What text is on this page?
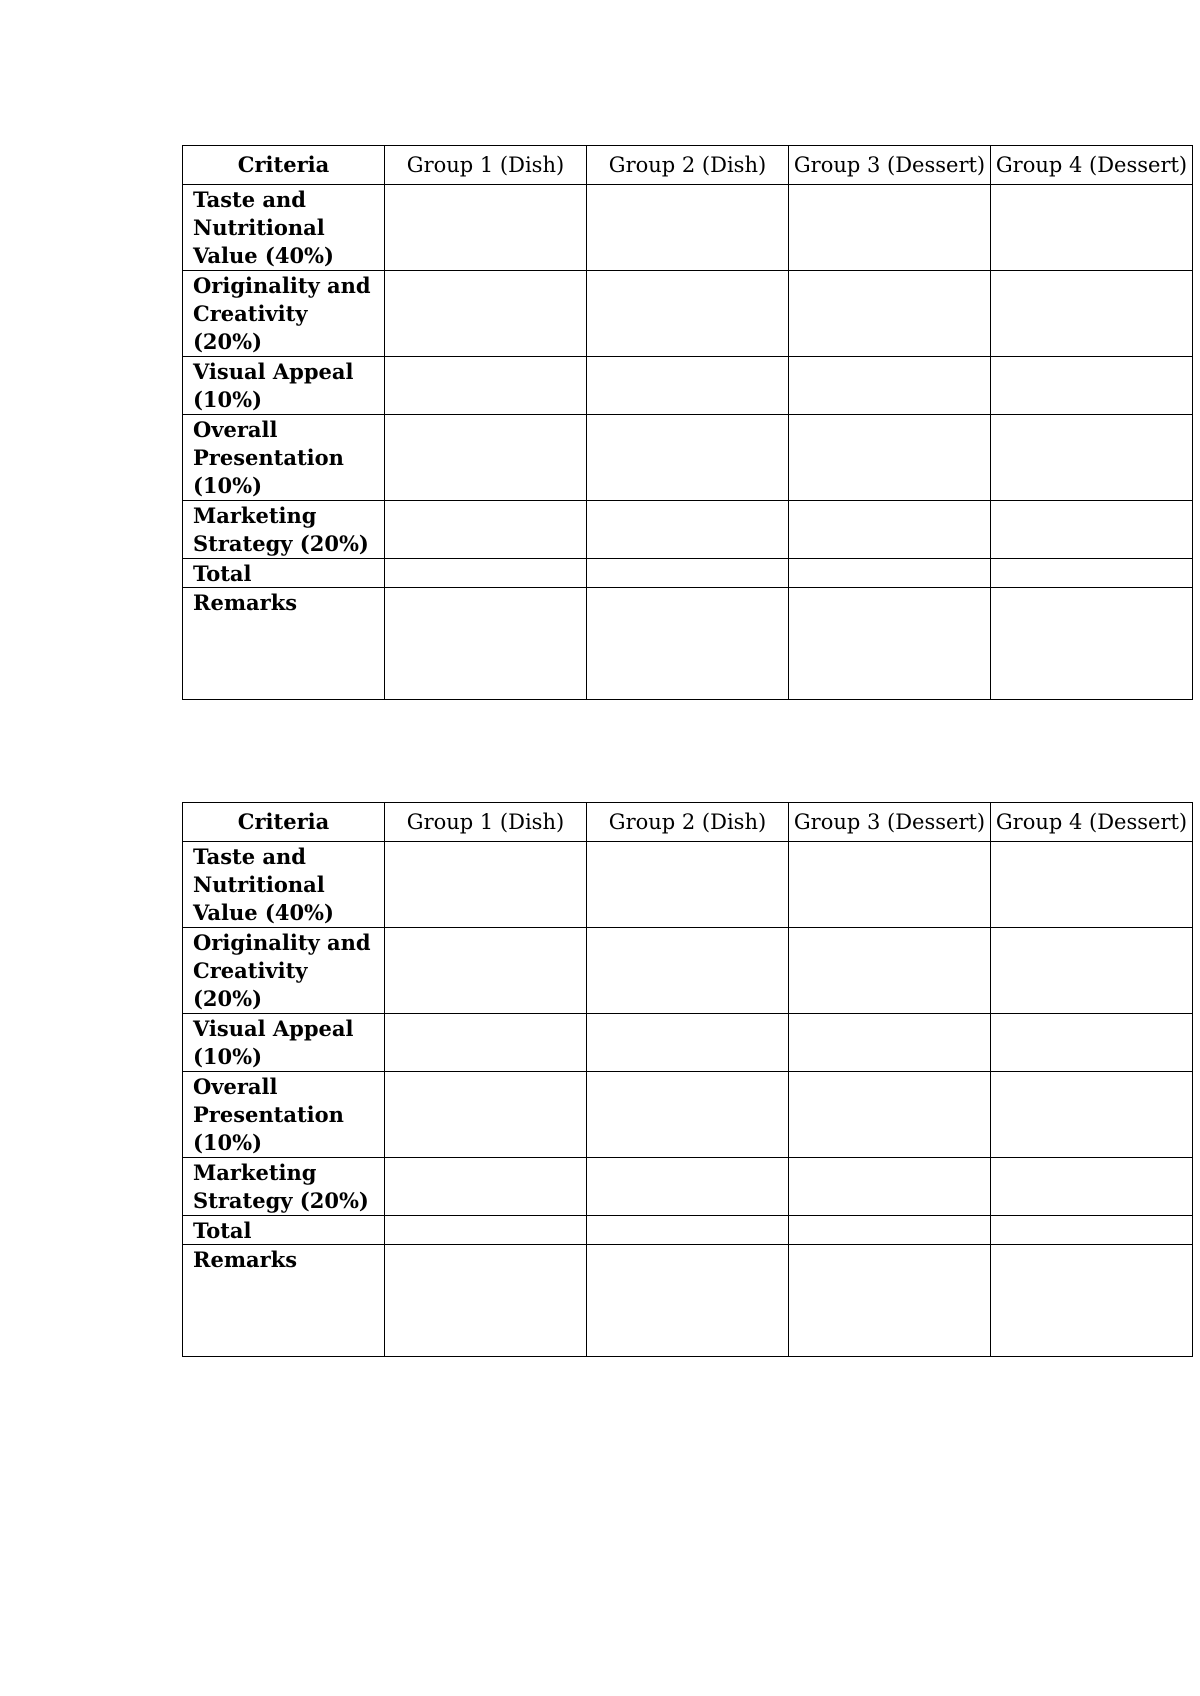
Criteria	Group 1 (Dish)	Group 2 (Dish)	Group 3 (Dessert)	Group 4 (Dessert)
Taste and Nutritional Value (40%)				
Originality and Creativity (20%)				
Visual Appeal (10%)				
Overall Presentation (10%)				
Marketing Strategy (20%)				
Total				
Remarks				
Criteria	Group 1 (Dish)	Group 2 (Dish)	Group 3 (Dessert)	Group 4 (Dessert)
Taste and Nutritional Value (40%)				
Originality and Creativity (20%)				
Visual Appeal (10%)				
Overall Presentation (10%)				
Marketing Strategy (20%)				
Total				
Remarks				
